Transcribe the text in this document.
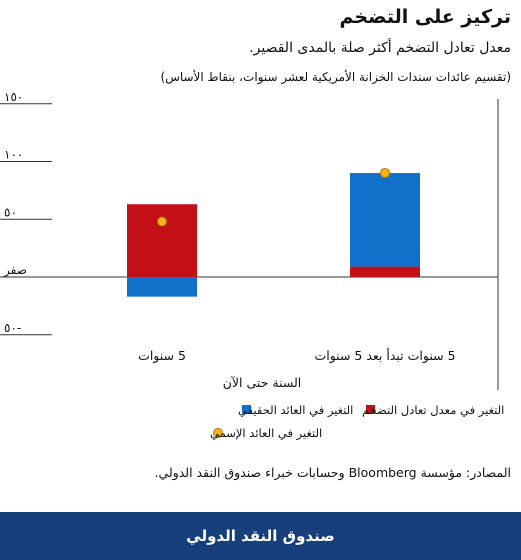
تركيز على التضخم

معدل تعادل التضخم أكثر صلة بالمدى القصير.

(تقسيم عائدات سندات الخزانة الأمريكية لعشر سنوات، بنقاط الأساس)

٥٠-
صفر
٥٠
١٠٠
١٥٠
5 سنوات	5 سنوات تبدأ بعد 5 سنوات
السنة حتى الآن
التغير في معدل تعادل التضخم
التغير في العائد الحقيقي
التغير في العائد الإسمي

المصادر: مؤسسة Bloomberg وحسابات خبراء صندوق النقد الدولي.

صندوق النقد الدولي
